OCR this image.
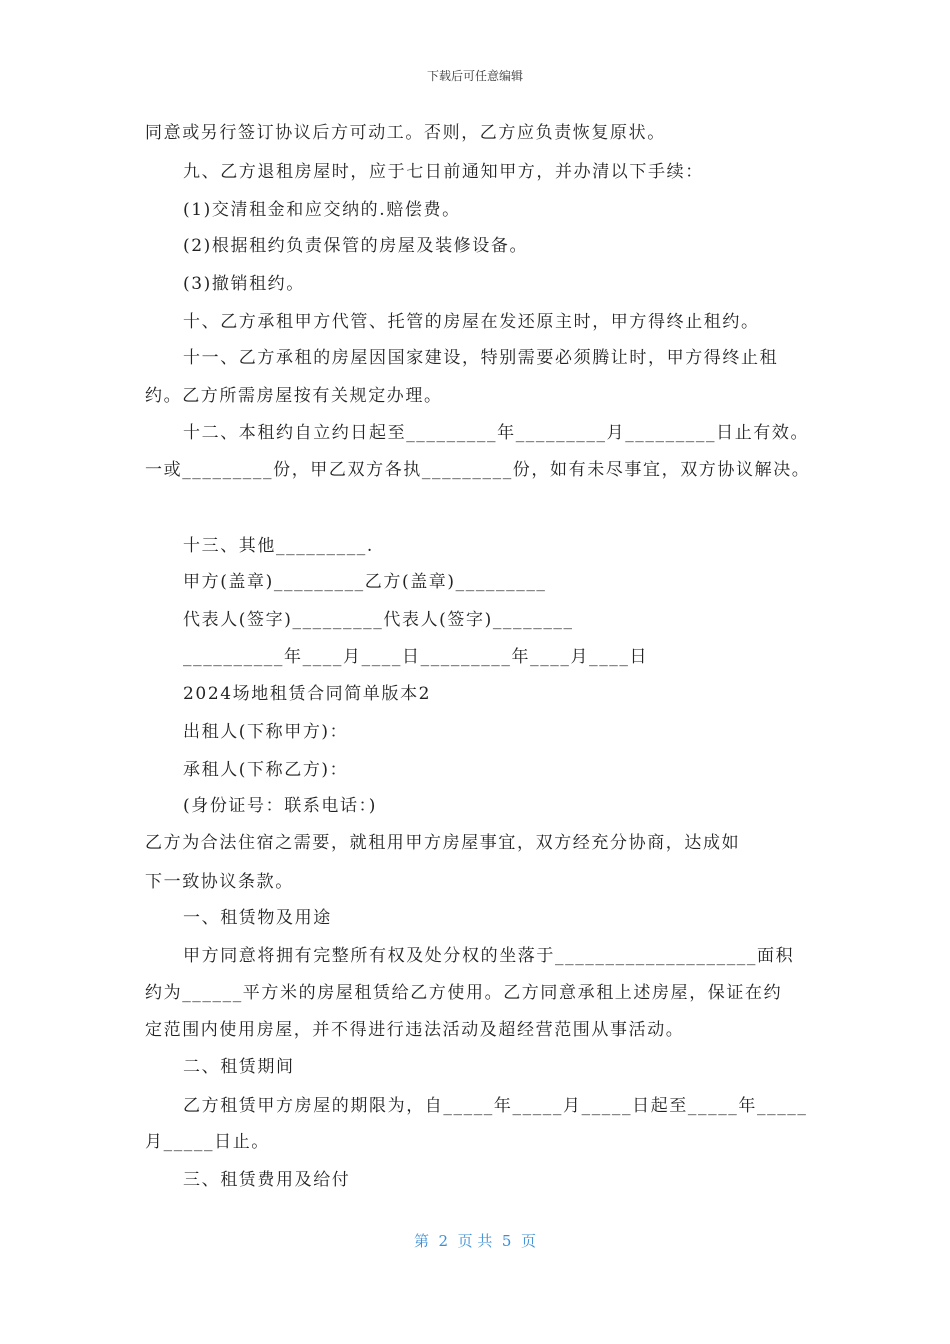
下载后可任意编辑
同意或另行签订协议后方可动工。否则，乙方应负责恢复原状。
九、乙方退租房屋时，应于七日前通知甲方，并办清以下手续：
(1)交清租金和应交纳的.赔偿费。
(2)根据租约负责保管的房屋及装修设备。
(3)撤销租约。
十、乙方承租甲方代管、托管的房屋在发还原主时，甲方得终止租约。
十一、乙方承租的房屋因国家建设，特别需要必须腾让时，甲方得终止租
约。乙方所需房屋按有关规定办理。
十二、本租约自立约日起至_________年_________月_________日止有效。
一或_________份，甲乙双方各执_________份，如有未尽事宜，双方协议解决。
十三、其他_________.
甲方(盖章)_________乙方(盖章)_________
代表人(签字)_________代表人(签字)________
__________年____月____日_________年____月____日
2024场地租赁合同简单版本2
出租人(下称甲方)：
承租人(下称乙方)：
(身份证号：联系电话：)
乙方为合法住宿之需要，就租用甲方房屋事宜，双方经充分协商，达成如
下一致协议条款。
一、租赁物及用途
甲方同意将拥有完整所有权及处分权的坐落于____________________面积
约为______平方米的房屋租赁给乙方使用。乙方同意承租上述房屋，保证在约
定范围内使用房屋，并不得进行违法活动及超经营范围从事活动。
二、租赁期间
乙方租赁甲方房屋的期限为，自_____年_____月_____日起至_____年_____
月_____日止。
三、租赁费用及给付
第  2  页 共  5  页
